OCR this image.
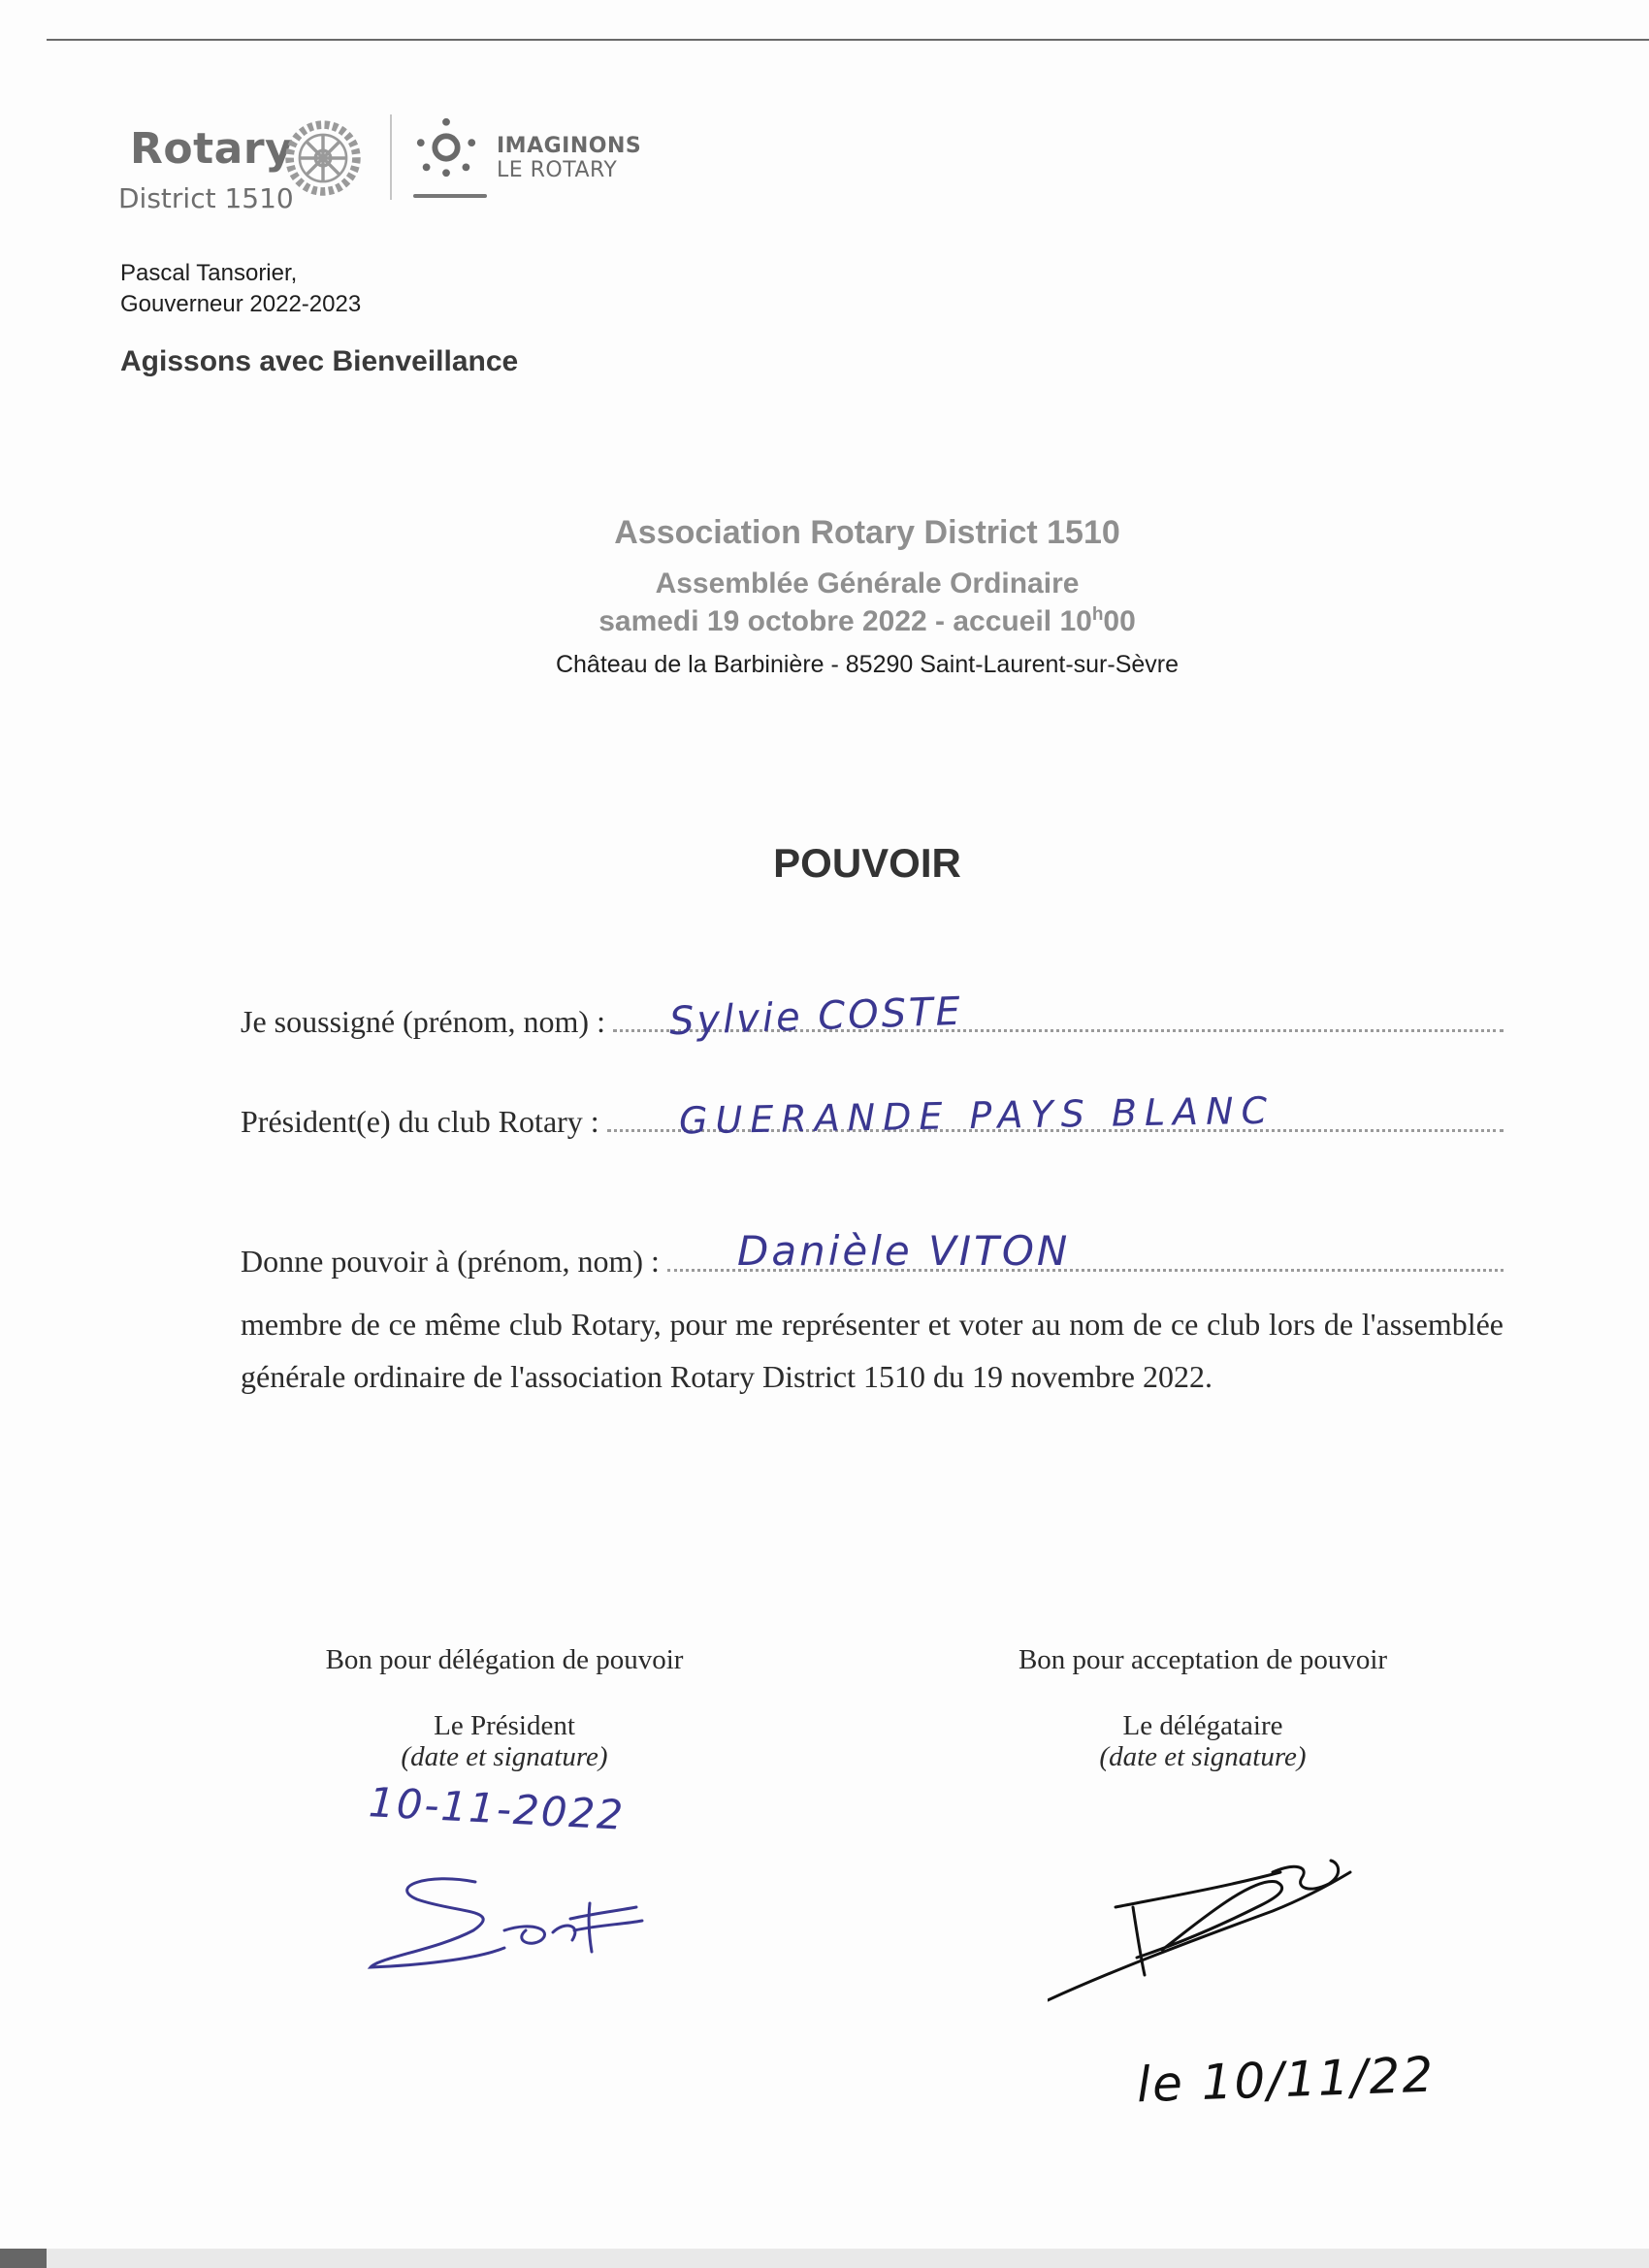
Rotary
District 1510
IMAGINONS
LE ROTARY
Pascal Tansorier,
Gouverneur 2022-2023
Agissons avec Bienveillance
Association Rotary District 1510
Assemblée Générale Ordinaire
samedi 19 octobre 2022 - accueil 10$^h$00
Château de la Barbinière - 85290 Saint-Laurent-sur-Sèvre
POUVOIR
Je soussigné (prénom, nom) : Sylvie COSTE
Président(e) du club Rotary : GUERANDE PAYS BLANC
Donne pouvoir à (prénom, nom) : Danièle VITON
membre de ce même club Rotary, pour me représenter et voter au nom de ce club lors de l'assemblée générale ordinaire de l'association Rotary District 1510 du 19 novembre 2022.
Bon pour délégation de pouvoir
Le Président
(date et signature)
Bon pour acceptation de pouvoir
Le délégataire
(date et signature)
10-11-2022
le 10/11/22
